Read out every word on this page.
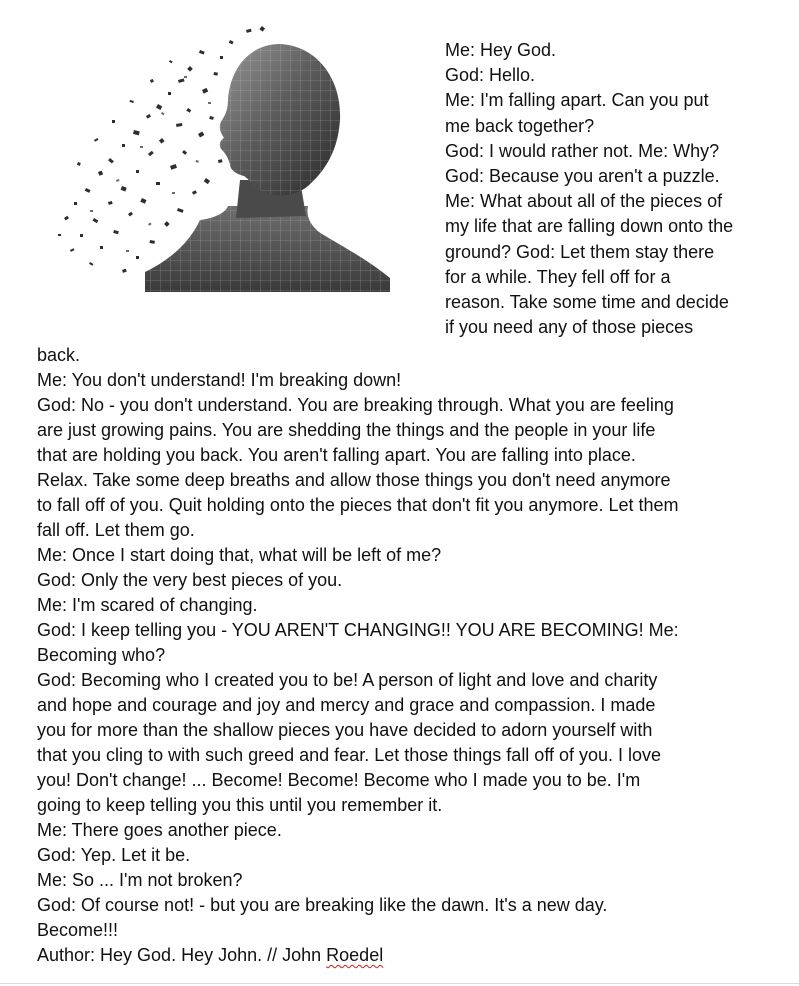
Me: Hey God.
God: Hello.
Me: I'm falling apart. Can you put
me back together?
God: I would rather not. Me: Why?
God: Because you aren't a puzzle.
Me: What about all of the pieces of
my life that are falling down onto the
ground? God: Let them stay there
for a while. They fell off for a
reason. Take some time and decide
if you need any of those pieces
back.
Me: You don't understand! I'm breaking down!
God: No - you don't understand. You are breaking through. What you are feeling
are just growing pains. You are shedding the things and the people in your life
that are holding you back. You aren't falling apart. You are falling into place.
Relax. Take some deep breaths and allow those things you don't need anymore
to fall off of you. Quit holding onto the pieces that don't fit you anymore. Let them
fall off. Let them go.
Me: Once I start doing that, what will be left of me?
God: Only the very best pieces of you.
Me: I'm scared of changing.
God: I keep telling you - YOU AREN'T CHANGING!! YOU ARE BECOMING! Me:
Becoming who?
God: Becoming who I created you to be! A person of light and love and charity
and hope and courage and joy and mercy and grace and compassion. I made
you for more than the shallow pieces you have decided to adorn yourself with
that you cling to with such greed and fear. Let those things fall off of you. I love
you! Don't change! ... Become! Become! Become who I made you to be. I'm
going to keep telling you this until you remember it.
Me: There goes another piece.
God: Yep. Let it be.
Me: So ... I'm not broken?
God: Of course not! - but you are breaking like the dawn. It's a new day.
Become!!!
Author: Hey God. Hey John. // John Roedel
